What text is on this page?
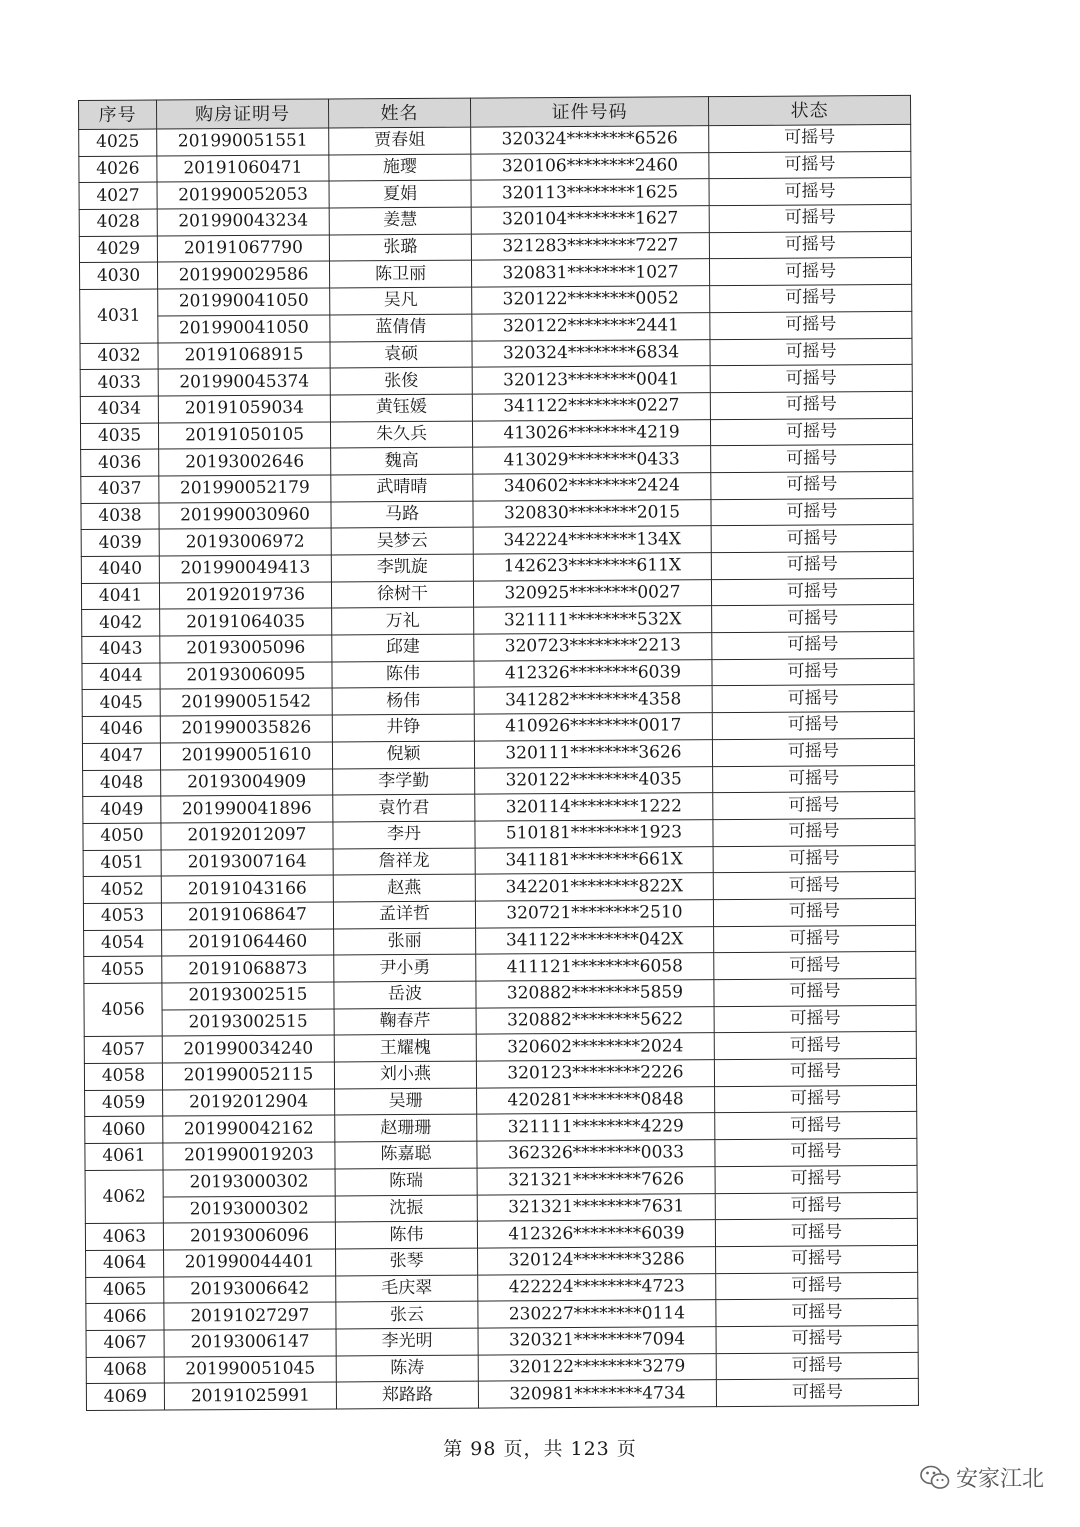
序号	购房证明号	姓名	证件号码	状态
4025	201990051551	贾春姐	320324********6526	可摇号
4026	20191060471	施璎	320106********2460	可摇号
4027	201990052053	夏娟	320113********1625	可摇号
4028	201990043234	姜慧	320104********1627	可摇号
4029	20191067790	张璐	321283********7227	可摇号
4030	201990029586	陈卫丽	320831********1027	可摇号
4031	201990041050	吴凡	320122********0052	可摇号
	201990041050	蓝倩倩	320122********2441	可摇号
4032	20191068915	袁硕	320324********6834	可摇号
4033	201990045374	张俊	320123********0041	可摇号
4034	20191059034	黄钰媛	341122********0227	可摇号
4035	20191050105	朱久兵	413026********4219	可摇号
4036	20193002646	魏高	413029********0433	可摇号
4037	201990052179	武晴晴	340602********2424	可摇号
4038	201990030960	马路	320830********2015	可摇号
4039	20193006972	吴梦云	342224********134X	可摇号
4040	201990049413	李凯旋	142623********611X	可摇号
4041	20192019736	徐树干	320925********0027	可摇号
4042	20191064035	万礼	321111********532X	可摇号
4043	20193005096	邱建	320723********2213	可摇号
4044	20193006095	陈伟	412326********6039	可摇号
4045	201990051542	杨伟	341282********4358	可摇号
4046	201990035826	井铮	410926********0017	可摇号
4047	201990051610	倪颖	320111********3626	可摇号
4048	20193004909	李学勤	320122********4035	可摇号
4049	201990041896	袁竹君	320114********1222	可摇号
4050	20192012097	李丹	510181********1923	可摇号
4051	20193007164	詹祥龙	341181********661X	可摇号
4052	20191043166	赵燕	342201********822X	可摇号
4053	20191068647	孟详哲	320721********2510	可摇号
4054	20191064460	张丽	341122********042X	可摇号
4055	20191068873	尹小勇	411121********6058	可摇号
4056	20193002515	岳波	320882********5859	可摇号
	20193002515	鞠春芹	320882********5622	可摇号
4057	201990034240	王耀槐	320602********2024	可摇号
4058	201990052115	刘小燕	320123********2226	可摇号
4059	20192012904	吴珊	420281********0848	可摇号
4060	201990042162	赵珊珊	321111********4229	可摇号
4061	201990019203	陈嘉聪	362326********0033	可摇号
4062	20193000302	陈瑞	321321********7626	可摇号
	20193000302	沈振	321321********7631	可摇号
4063	20193006096	陈伟	412326********6039	可摇号
4064	201990044401	张琴	320124********3286	可摇号
4065	20193006642	毛庆翠	422224********4723	可摇号
4066	20191027297	张云	230227********0114	可摇号
4067	20193006147	李光明	320321********7094	可摇号
4068	201990051045	陈涛	320122********3279	可摇号
4069	20191025991	郑路路	320981********4734	可摇号
第 98 页，共 123 页
安家江北
